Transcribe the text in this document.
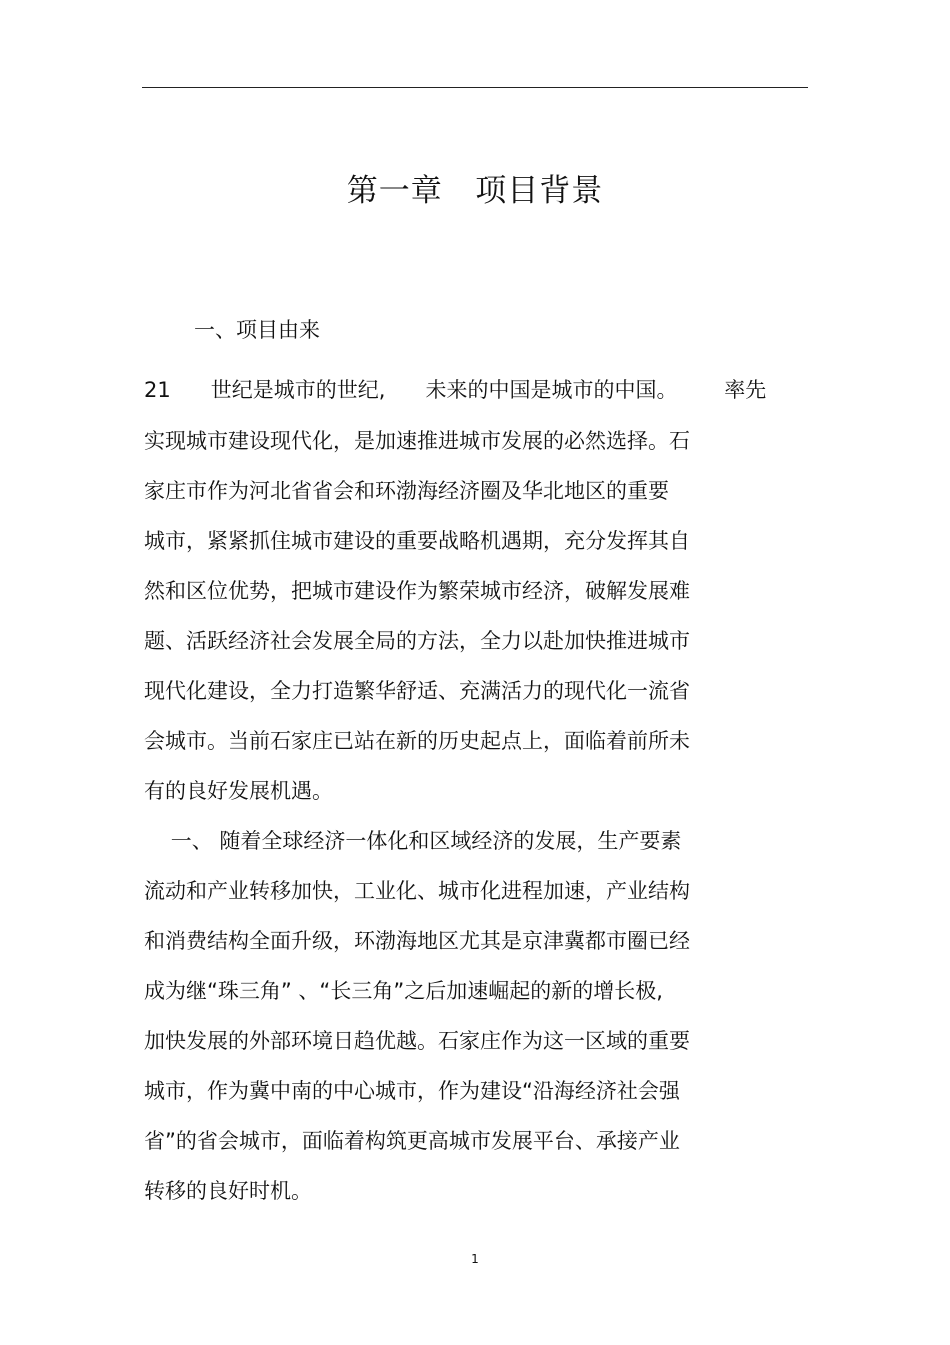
第一章   项目背景
一、项目由来
21      世纪是城市的世纪,      未来的中国是城市的中国。       率先
实现城市建设现代化，是加速推进城市发展的必然选择。石
家庄市作为河北省省会和环渤海经济圈及华北地区的重要
城市，紧紧抓住城市建设的重要战略机遇期，充分发挥其自
然和区位优势，把城市建设作为繁荣城市经济，破解发展难
题、活跃经济社会发展全局的方法，全力以赴加快推进城市
现代化建设，全力打造繁华舒适、充满活力的现代化一流省
会城市。当前石家庄已站在新的历史起点上，面临着前所未
有的良好发展机遇。
一、 随着全球经济一体化和区域经济的发展，生产要素
流动和产业转移加快，工业化、城市化进程加速，产业结构
和消费结构全面升级，环渤海地区尤其是京津冀都市圈已经
成为继“珠三角” 、“长三角”之后加速崛起的新的增长极,
加快发展的外部环境日趋优越。石家庄作为这一区域的重要
城市，作为冀中南的中心城市，作为建设“沿海经济社会强
省”的省会城市，面临着构筑更高城市发展平台、承接产业
转移的良好时机。
1
